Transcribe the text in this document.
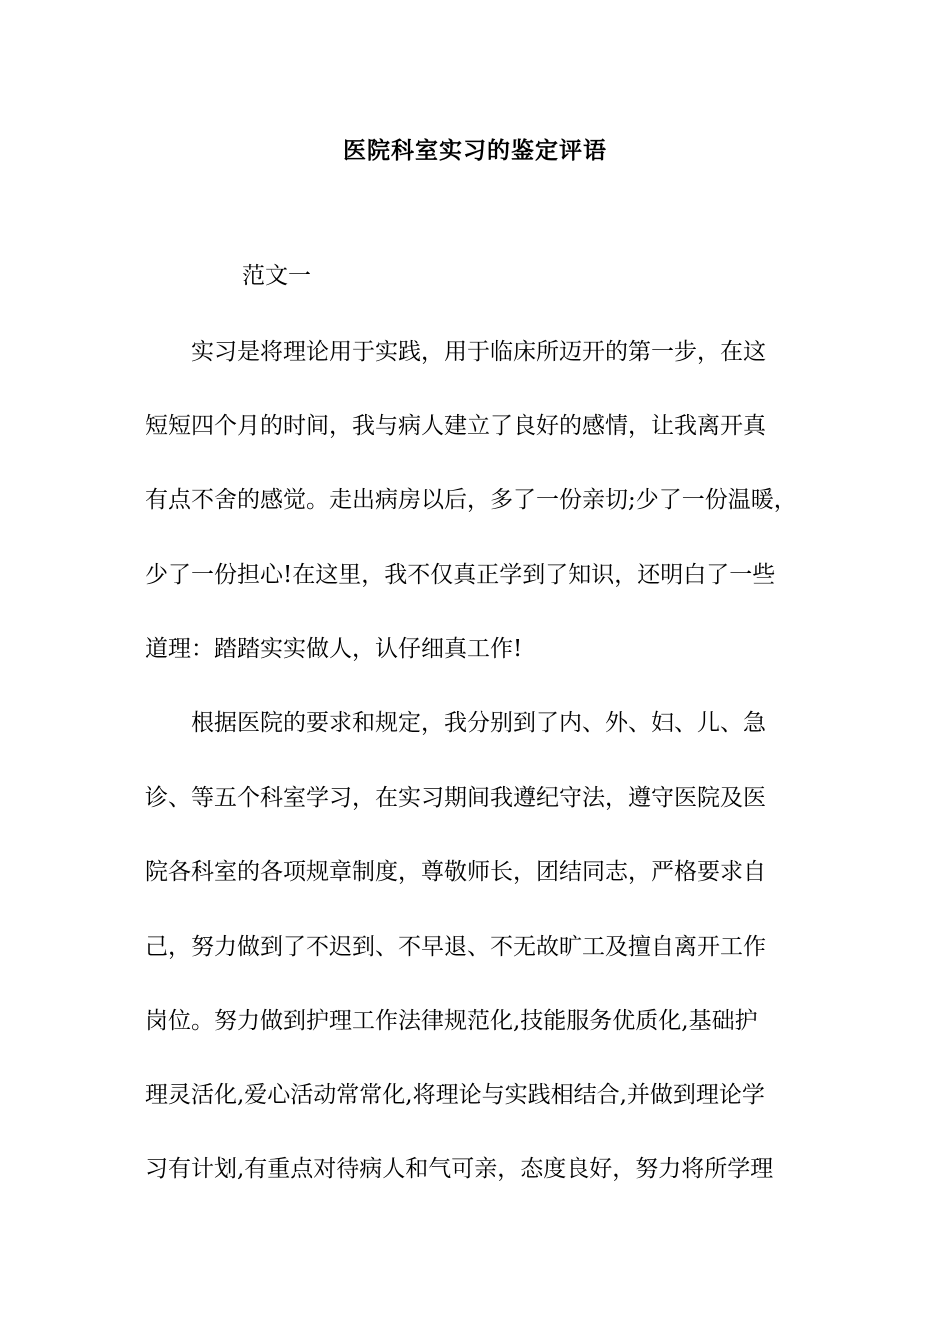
医院科室实习的鉴定评语
范文一
　　实习是将理论用于实践，用于临床所迈开的第一步，在这
短短四个月的时间，我与病人建立了良好的感情，让我离开真
有点不舍的感觉。走出病房以后，多了一份亲切;少了一份温暖，
少了一份担心!在这里，我不仅真正学到了知识，还明白了一些
道理：踏踏实实做人，认仔细真工作!
　　根据医院的要求和规定，我分别到了内、外、妇、儿、急
诊、等五个科室学习，在实习期间我遵纪守法，遵守医院及医
院各科室的各项规章制度，尊敬师长，团结同志，严格要求自
己，努力做到了不迟到、不早退、不无故旷工及擅自离开工作
岗位。努力做到护理工作法律规范化,技能服务优质化,基础护
理灵活化,爱心活动常常化,将理论与实践相结合,并做到理论学
习有计划,有重点对待病人和气可亲，态度良好，努力将所学理
